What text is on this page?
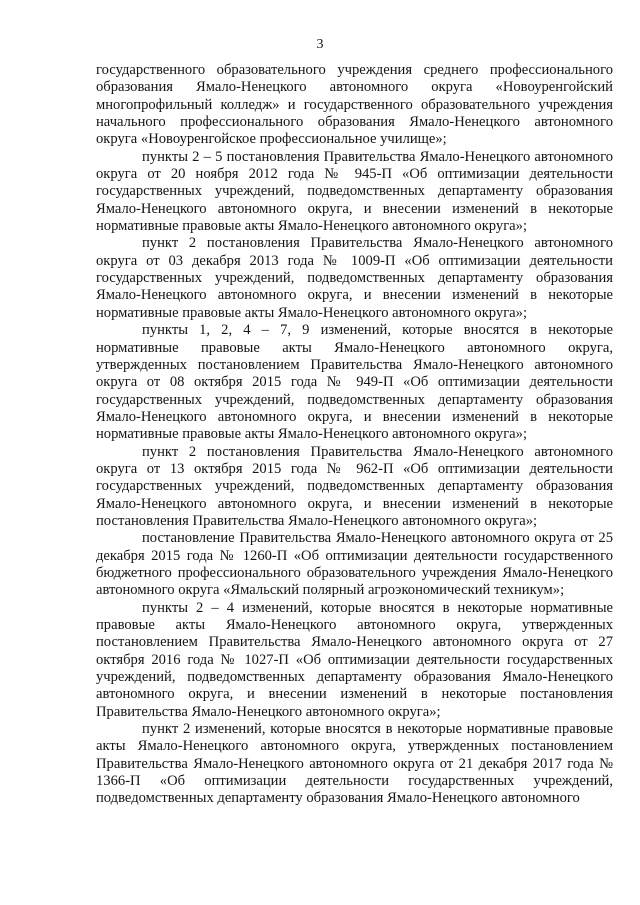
3

государственного образовательного учреждения среднего профессионального образования Ямало-Ненецкого автономного округа «Новоуренгойский многопрофильный колледж» и государственного образовательного учреждения начального профессионального образования Ямало-Ненецкого автономного округа «Новоуренгойское профессиональное училище»;

пункты 2 – 5 постановления Правительства Ямало-Ненецкого автономного округа от 20 ноября 2012 года № 945-П «Об оптимизации деятельности государственных учреждений, подведомственных департаменту образования Ямало-Ненецкого автономного округа, и внесении изменений в некоторые нормативные правовые акты Ямало-Ненецкого автономного округа»;

пункт 2 постановления Правительства Ямало-Ненецкого автономного округа от 03 декабря 2013 года № 1009-П «Об оптимизации деятельности государственных учреждений, подведомственных департаменту образования Ямало-Ненецкого автономного округа, и внесении изменений в некоторые нормативные правовые акты Ямало-Ненецкого автономного округа»;

пункты 1, 2, 4 – 7, 9 изменений, которые вносятся в некоторые нормативные правовые акты Ямало-Ненецкого автономного округа, утвержденных постановлением Правительства Ямало-Ненецкого автономного округа от 08 октября 2015 года № 949-П «Об оптимизации деятельности государственных учреждений, подведомственных департаменту образования Ямало-Ненецкого автономного округа, и внесении изменений в некоторые нормативные правовые акты Ямало-Ненецкого автономного округа»;

пункт 2 постановления Правительства Ямало-Ненецкого автономного округа от 13 октября 2015 года № 962-П «Об оптимизации деятельности государственных учреждений, подведомственных департаменту образования Ямало-Ненецкого автономного округа, и внесении изменений в некоторые постановления Правительства Ямало-Ненецкого автономного округа»;

постановление Правительства Ямало-Ненецкого автономного округа от 25 декабря 2015 года № 1260-П «Об оптимизации деятельности государственного бюджетного профессионального образовательного учреждения Ямало-Ненецкого автономного округа «Ямальский полярный агроэкономический техникум»;

пункты 2 – 4 изменений, которые вносятся в некоторые нормативные правовые акты Ямало-Ненецкого автономного округа, утвержденных постановлением Правительства Ямало-Ненецкого автономного округа от 27 октября 2016 года № 1027-П «Об оптимизации деятельности государственных учреждений, подведомственных департаменту образования Ямало-Ненецкого автономного округа, и внесении изменений в некоторые постановления Правительства Ямало-Ненецкого автономного округа»;

пункт 2 изменений, которые вносятся в некоторые нормативные правовые акты Ямало-Ненецкого автономного округа, утвержденных постановлением Правительства Ямало-Ненецкого автономного округа от 21 декабря 2017 года № 1366-П «Об оптимизации деятельности государственных учреждений, подведомственных департаменту образования Ямало-Ненецкого автономного
